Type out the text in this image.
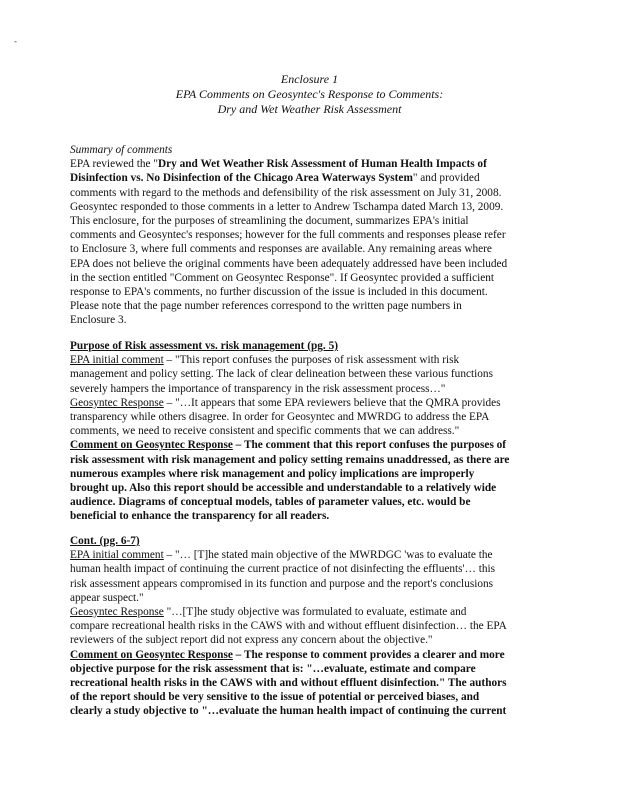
-
Enclosure 1
EPA Comments on Geosyntec's Response to Comments:
Dry and Wet Weather Risk Assessment
Summary of comments
EPA reviewed the "Dry and Wet Weather Risk Assessment of Human Health Impacts of
Disinfection vs. No Disinfection of the Chicago Area Waterways System" and provided
comments with regard to the methods and defensibility of the risk assessment on July 31, 2008.
Geosyntec responded to those comments in a letter to Andrew Tschampa dated March 13, 2009.
This enclosure, for the purposes of streamlining the document, summarizes EPA's initial
comments and Geosyntec's responses; however for the full comments and responses please refer
to Enclosure 3, where full comments and responses are available. Any remaining areas where
EPA does not believe the original comments have been adequately addressed have been included
in the section entitled "Comment on Geosyntec Response". If Geosyntec provided a sufficient
response to EPA's comments, no further discussion of the issue is included in this document.
Please note that the page number references correspond to the written page numbers in
Enclosure 3.
Purpose of Risk assessment vs. risk management (pg. 5)
EPA initial comment – "This report confuses the purposes of risk assessment with risk
management and policy setting. The lack of clear delineation between these various functions
severely hampers the importance of transparency in the risk assessment process…"
Geosyntec Response – "…It appears that some EPA reviewers believe that the QMRA provides
transparency while others disagree. In order for Geosyntec and MWRDG to address the EPA
comments, we need to receive consistent and specific comments that we can address."
Comment on Geosyntec Response – The comment that this report confuses the purposes of
risk assessment with risk management and policy setting remains unaddressed, as there are
numerous examples where risk management and policy implications are improperly
brought up. Also this report should be accessible and understandable to a relatively wide
audience. Diagrams of conceptual models, tables of parameter values, etc. would be
beneficial to enhance the transparency for all readers.
Cont. (pg. 6-7)
EPA initial comment – "… [T]he stated main objective of the MWRDGC 'was to evaluate the
human health impact of continuing the current practice of not disinfecting the effluents'… this
risk assessment appears compromised in its function and purpose and the report's conclusions
appear suspect."
Geosyntec Response "…[T]he study objective was formulated to evaluate, estimate and
compare recreational health risks in the CAWS with and without effluent disinfection… the EPA
reviewers of the subject report did not express any concern about the objective."
Comment on Geosyntec Response – The response to comment provides a clearer and more
objective purpose for the risk assessment that is: "…evaluate, estimate and compare
recreational health risks in the CAWS with and without effluent disinfection." The authors
of the report should be very sensitive to the issue of potential or perceived biases, and
clearly a study objective to "…evaluate the human health impact of continuing the current
